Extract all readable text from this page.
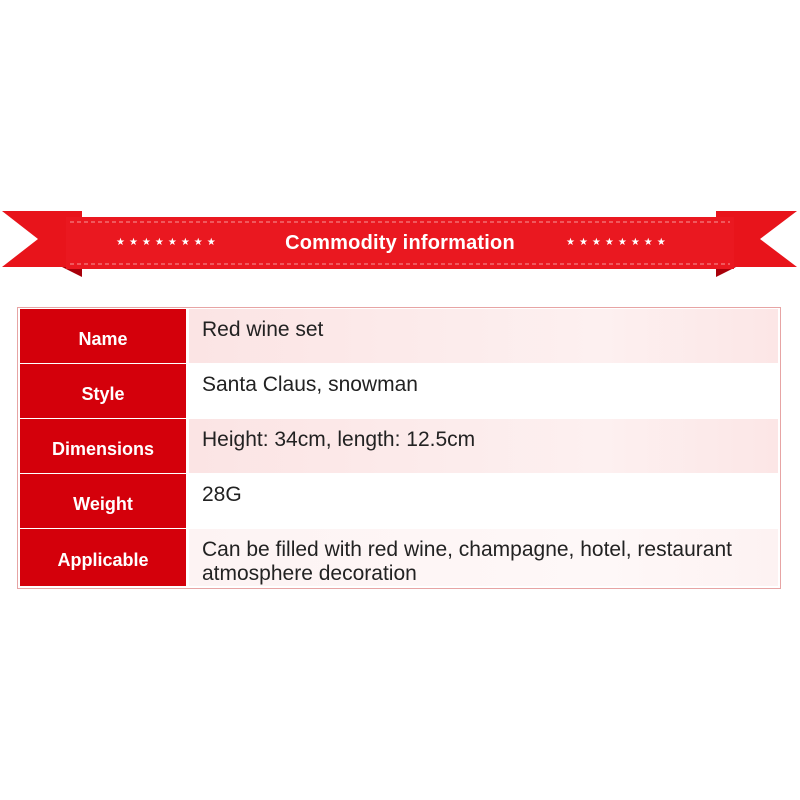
★★★★★★★★	Commodity information	★★★★★★★★
Name	Red wine set
Style	Santa Claus, snowman
Dimensions	Height: 34cm, length: 12.5cm
Weight	28G
Applicable	Can be filled with red wine, champagne, hotel, restaurant atmosphere decoration
